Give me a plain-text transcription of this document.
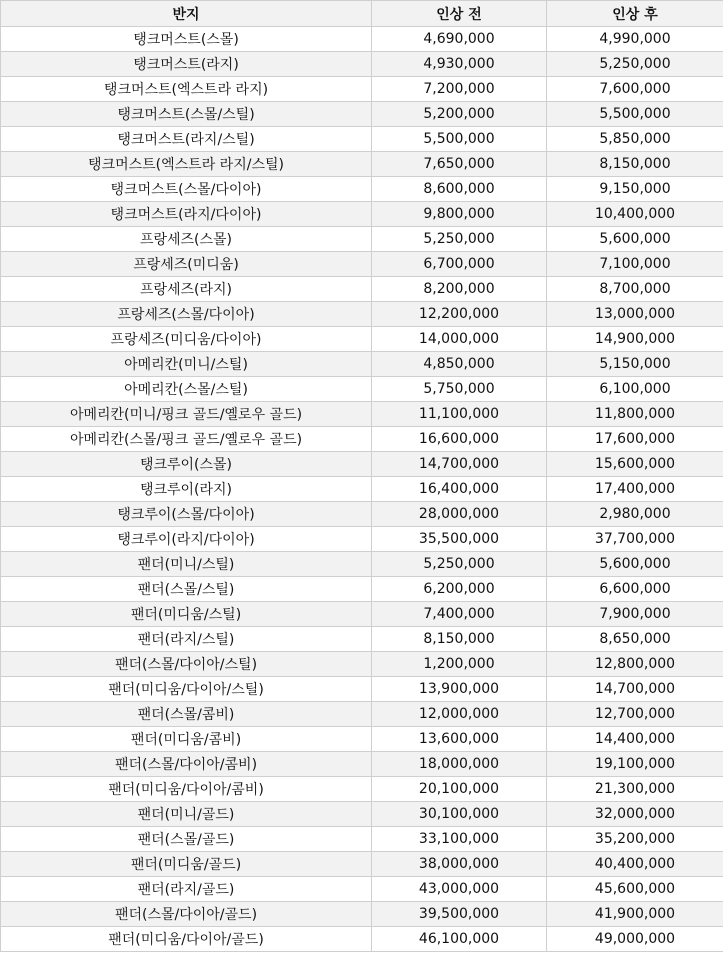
반지	인상 전	인상 후
탱크머스트(스몰)	4,690,000	4,990,000
탱크머스트(라지)	4,930,000	5,250,000
탱크머스트(엑스트라 라지)	7,200,000	7,600,000
탱크머스트(스몰/스틸)	5,200,000	5,500,000
탱크머스트(라지/스틸)	5,500,000	5,850,000
탱크머스트(엑스트라 라지/스틸)	7,650,000	8,150,000
탱크머스트(스몰/다이아)	8,600,000	9,150,000
탱크머스트(라지/다이아)	9,800,000	10,400,000
프랑세즈(스몰)	5,250,000	5,600,000
프랑세즈(미디움)	6,700,000	7,100,000
프랑세즈(라지)	8,200,000	8,700,000
프랑세즈(스몰/다이아)	12,200,000	13,000,000
프랑세즈(미디움/다이아)	14,000,000	14,900,000
아메리칸(미니/스틸)	4,850,000	5,150,000
아메리칸(스몰/스틸)	5,750,000	6,100,000
아메리칸(미니/핑크 골드/옐로우 골드)	11,100,000	11,800,000
아메리칸(스몰/핑크 골드/옐로우 골드)	16,600,000	17,600,000
탱크루이(스몰)	14,700,000	15,600,000
탱크루이(라지)	16,400,000	17,400,000
탱크루이(스몰/다이아)	28,000,000	2,980,000
탱크루이(라지/다이아)	35,500,000	37,700,000
팬더(미니/스틸)	5,250,000	5,600,000
팬더(스몰/스틸)	6,200,000	6,600,000
팬더(미디움/스틸)	7,400,000	7,900,000
팬더(라지/스틸)	8,150,000	8,650,000
팬더(스몰/다이아/스틸)	1,200,000	12,800,000
팬더(미디움/다이아/스틸)	13,900,000	14,700,000
팬더(스몰/콤비)	12,000,000	12,700,000
팬더(미디움/콤비)	13,600,000	14,400,000
팬더(스몰/다이아/콤비)	18,000,000	19,100,000
팬더(미디움/다이아/콤비)	20,100,000	21,300,000
팬더(미니/골드)	30,100,000	32,000,000
팬더(스몰/골드)	33,100,000	35,200,000
팬더(미디움/골드)	38,000,000	40,400,000
팬더(라지/골드)	43,000,000	45,600,000
팬더(스몰/다이아/골드)	39,500,000	41,900,000
팬더(미디움/다이아/골드)	46,100,000	49,000,000
